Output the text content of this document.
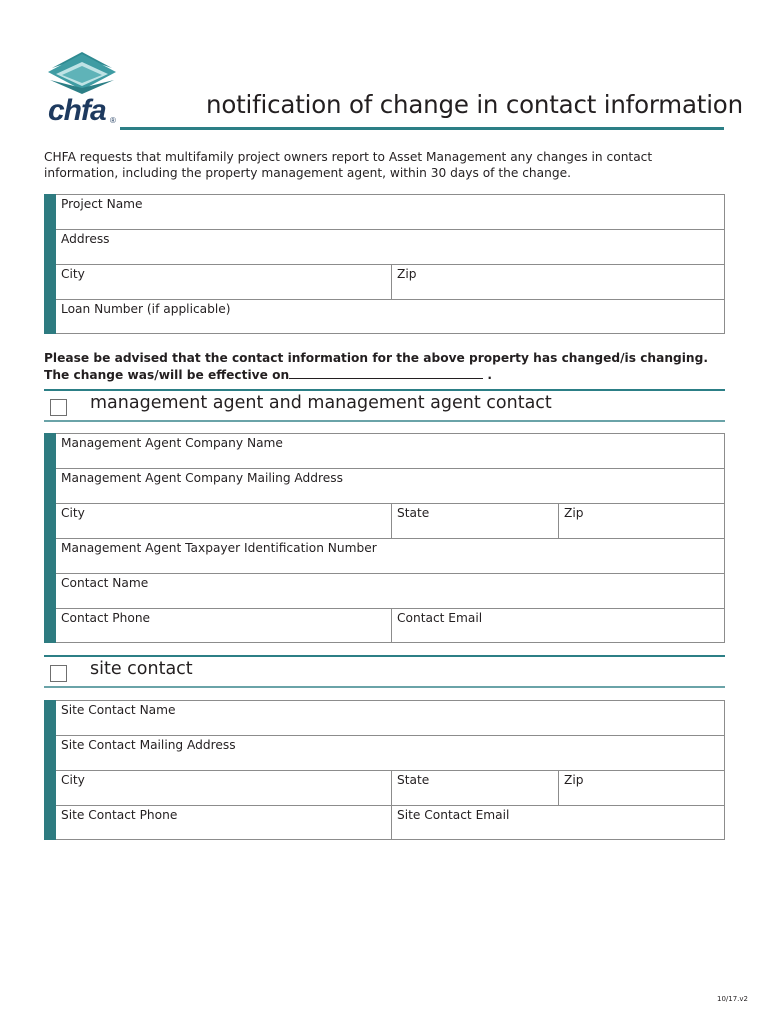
chfa ®
notification of change in contact information
CHFA requests that multifamily project owners report to Asset Management any changes in contact information, including the property management agent, within 30 days of the change.
Project Name
Address
City	Zip
Loan Number (if applicable)
Please be advised that the contact information for the above property has changed/is changing. The change was/will be effective on	.
management agent and management agent contact
Management Agent Company Name
Management Agent Company Mailing Address
City	State	Zip
Management Agent Taxpayer Identification Number
Contact Name
Contact Phone	Contact Email
site contact
Site Contact Name
Site Contact Mailing Address
City	State	Zip
Site Contact Phone	Site Contact Email
10/17.v2
